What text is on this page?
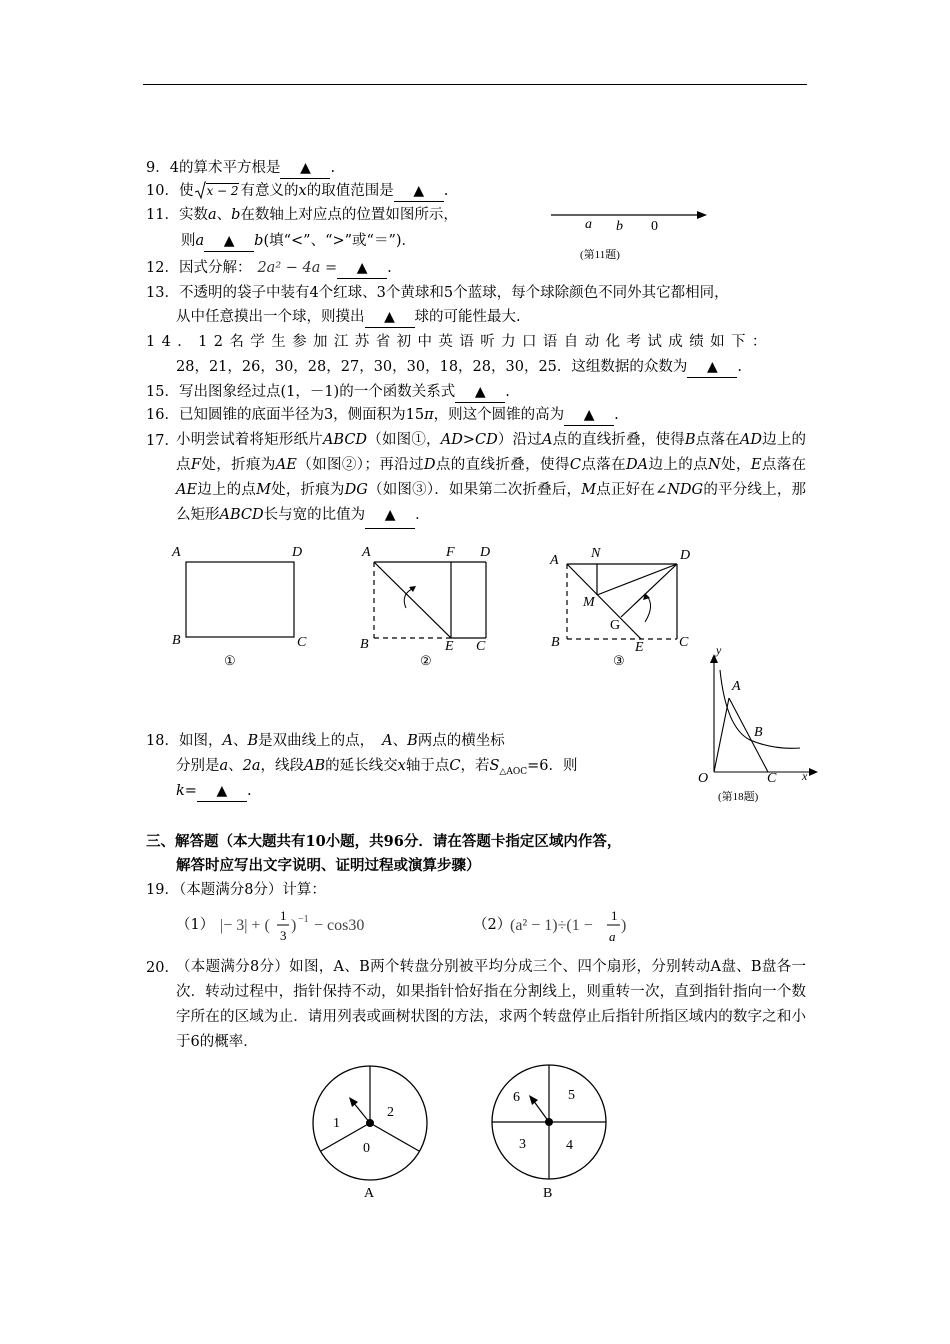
9．4的算术平方根是 ▲ .
10．使 x − 2 有意义的x的取值范围是 ▲ .
11．实数a、b在数轴上对应点的位置如图所示，
则a ▲ b(填“<”、“>”或“＝”)．
a b 0
(第11题)
12．因式分解： 2a² − 4a = ▲ .
13．不透明的袋子中装有4个红球、3个黄球和5个蓝球，每个球除颜色不同外其它都相同，
从中任意摸出一个球，则摸出 ▲ 球的可能性最大.
14．12名学生参加江苏省初中英语听力口语自动化考试成绩如下：
28，21，26，30，28，27，30，30，18，28，30，25．这组数据的众数为 ▲ .
15．写出图象经过点(1，－1)的一个函数关系式 ▲ .
16．已知圆锥的底面半径为3，侧面积为15π，则这个圆锥的高为 ▲ .
17．
小明尝试着将矩形纸片ABCD（如图①，AD>CD）沿过A点的直线折叠，使得B点落在AD边上的点F处，折痕为AE（如图②）；再沿过D点的直线折叠，使得C点落在DA边上的点N处，E点落在AE边上的点M处，折痕为DG（如图③）．如果第二次折叠后，M点正好在∠NDG的平分线上，那么矩形ABCD长与宽的比值为 ▲ ．
A	D
B	C
①
A	F D
B	E C
②
A N	D
M
G
B	E	C
③
18．如图，A、B是双曲线上的点， A、B两点的横坐标
分别是a、2a，线段AB的延长线交x轴于点C，若$S_{\triangle AOC}=6$．则
k= ▲ .
y
A
B
O	C x
(第18题)
三、解答题（本大题共有10小题，共96分．请在答题卡指定区域内作答，
解答时应写出文字说明、证明过程或演算步骤）
19．（本题满分8分）计算：
（1） |− 3| + (
1
3
) −1 − cos30	（2）
(a² − 1)÷(1 −
1
a
)
20．
（本题满分8分）如图，A、B两个转盘分别被平均分成三个、四个扇形，分别转动A盘、B盘各一次．转动过程中，指针保持不动，如果指针恰好指在分割线上，则重转一次，直到指针指向一个数字所在的区域为止．请用列表或画树状图的方法，求两个转盘停止后指针所指区域内的数字之和小于6的概率．
1
2
0
A
6	5
3	4
B
